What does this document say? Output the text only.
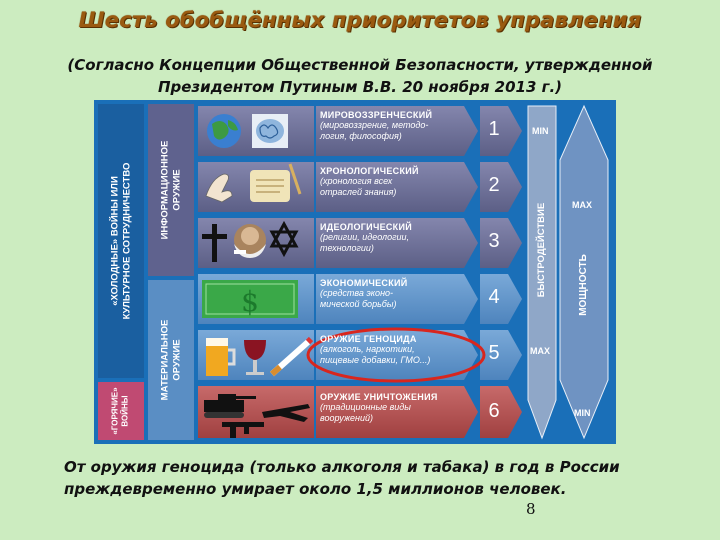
Шесть обобщённых приоритетов управления
(Согласно Концепции Общественной Безопасности, утвержденной
Президентом Путиным В.В. 20 ноября 2013 г.)
«ХОЛОДНЫЕ» ВОЙНЫ ИЛИ КУЛЬТУРНОЕ СОТРУДНИЧЕСТВО
«ГОРЯЧИЕ» ВОЙНЫ
ИНФОРМАЦИОННОЕ ОРУЖИЕ
МАТЕРИАЛЬНОЕ ОРУЖИЕ
$
МИРОВОЗЗРЕНЧЕСКИЙ
(мировоззрение, методо-
логия, философия)
ХРОНОЛОГИЧЕСКИЙ
(хронология всех
отраслей знания)
ИДЕОЛОГИЧЕСКИЙ
(религии, идеологии,
технологии)
ЭКОНОМИЧЕСКИЙ
(средства эконо-
мической борьбы)
ОРУЖИЕ ГЕНОЦИДА
(алкоголь, наркотики,
пищевые добавки, ГМО...)
ОРУЖИЕ УНИЧТОЖЕНИЯ
(традиционные виды
вооружений)
1
2
3
4
5
6
БЫСТРОДЕЙСТВИЕ	МОЩНОСТЬ
MIN
MAX
MAX
MIN
От оружия геноцида (только алкоголя и табака) в год в России
преждевременно умирает около 1,5 миллионов человек.
8
